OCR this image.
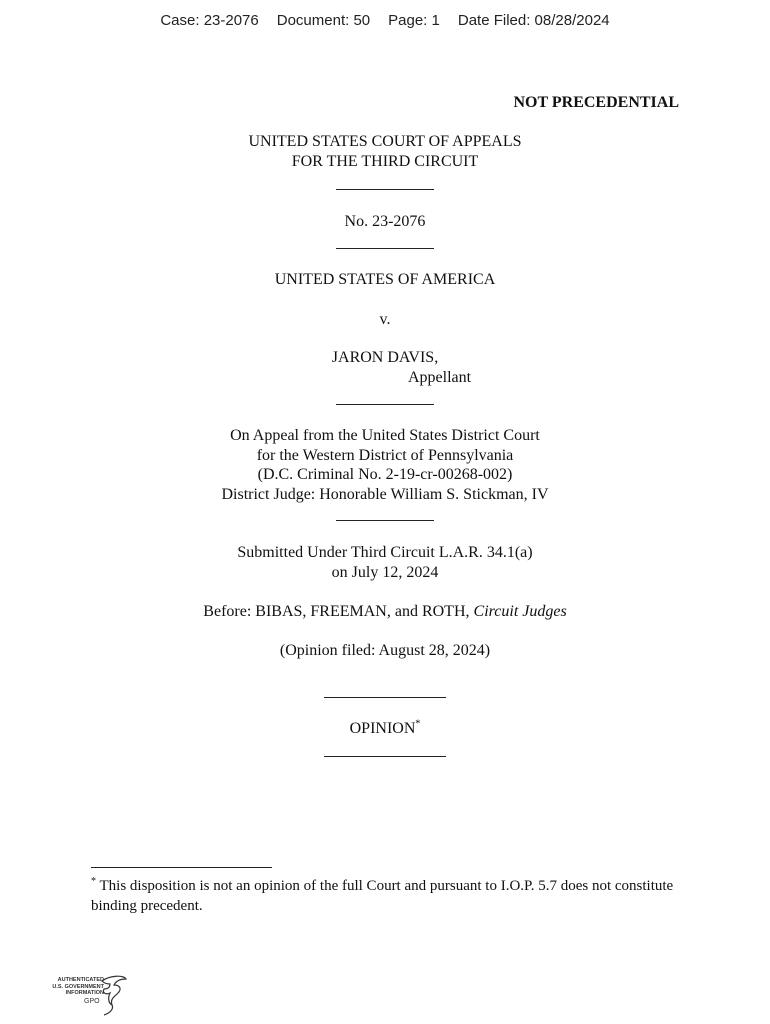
Case: 23-2076 Document: 50 Page: 1 Date Filed: 08/28/2024
NOT PRECEDENTIAL
UNITED STATES COURT OF APPEALS
FOR THE THIRD CIRCUIT
No. 23-2076
UNITED STATES OF AMERICA
v.
JARON DAVIS,
Appellant
On Appeal from the United States District Court
for the Western District of Pennsylvania
(D.C. Criminal No. 2-19-cr-00268-002)
District Judge: Honorable William S. Stickman, IV
Submitted Under Third Circuit L.A.R. 34.1(a)
on July 12, 2024
Before: BIBAS, FREEMAN, and ROTH, Circuit Judges
(Opinion filed: August 28, 2024)
OPINION*
* This disposition is not an opinion of the full Court and pursuant to I.O.P. 5.7 does not constitute binding precedent.
AUTHENTICATED
U.S. GOVERNMENT
INFORMATION
GPO
